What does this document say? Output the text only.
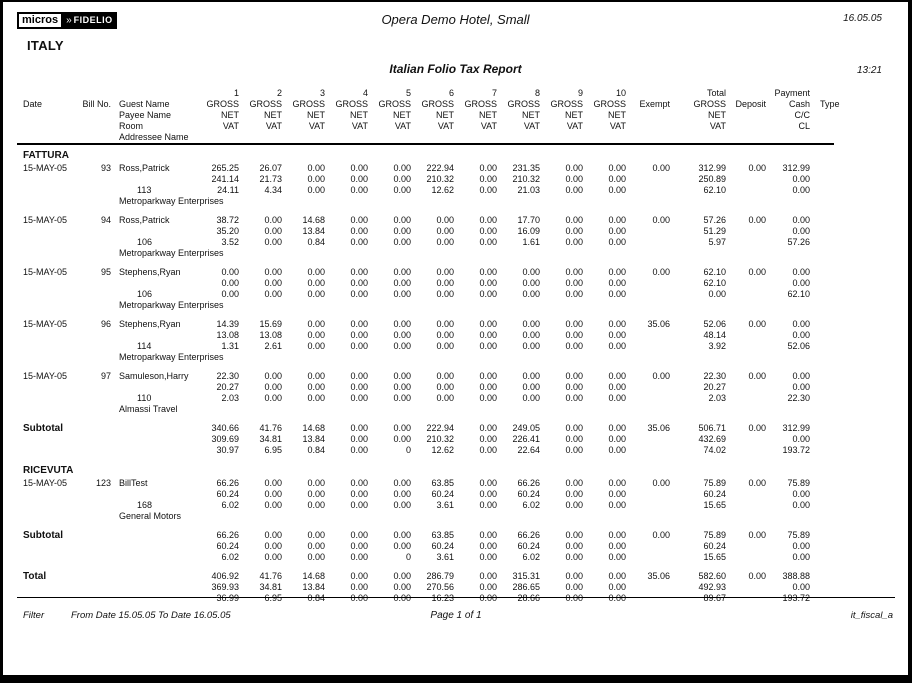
micros » FIDELIO	Opera Demo Hotel, Small	16.05.05
ITALY
Italian Folio Tax Report	13:21
			1	2	3	4	5	6	7	8	9	10		Total		Payment	
Date	Bill No.	Guest Name	GROSS	GROSS	GROSS	GROSS	GROSS	GROSS	GROSS	GROSS	GROSS	GROSS	Exempt	GROSS	Deposit	Cash	Type
		Payee Name	NET	NET	NET	NET	NET	NET	NET	NET	NET	NET		NET		C/C	
		Room	VAT	VAT	VAT	VAT	VAT	VAT	VAT	VAT	VAT	VAT		VAT		CL	
		Addressee Name															

FATTURA																	
15-MAY-05	93	Ross,Patrick	265.25	26.07	0.00	0.00	0.00	222.94	0.00	231.35	0.00	0.00	0.00	312.99	0.00	312.99	
			241.14	21.73	0.00	0.00	0.00	210.32	0.00	210.32	0.00	0.00		250.89		0.00	
		113	24.11	4.34	0.00	0.00	0.00	12.62	0.00	21.03	0.00	0.00		62.10		0.00	
		Metroparkway Enterprises															

15-MAY-05	94	Ross,Patrick	38.72	0.00	14.68	0.00	0.00	0.00	0.00	17.70	0.00	0.00	0.00	57.26	0.00	0.00	
			35.20	0.00	13.84	0.00	0.00	0.00	0.00	16.09	0.00	0.00		51.29		0.00	
		106	3.52	0.00	0.84	0.00	0.00	0.00	0.00	1.61	0.00	0.00		5.97		57.26	
		Metroparkway Enterprises															

15-MAY-05	95	Stephens,Ryan	0.00	0.00	0.00	0.00	0.00	0.00	0.00	0.00	0.00	0.00	0.00	62.10	0.00	0.00	
			0.00	0.00	0.00	0.00	0.00	0.00	0.00	0.00	0.00	0.00		62.10		0.00	
		106	0.00	0.00	0.00	0.00	0.00	0.00	0.00	0.00	0.00	0.00		0.00		62.10	
		Metroparkway Enterprises															

15-MAY-05	96	Stephens,Ryan	14.39	15.69	0.00	0.00	0.00	0.00	0.00	0.00	0.00	0.00	35.06	52.06	0.00	0.00	
			13.08	13.08	0.00	0.00	0.00	0.00	0.00	0.00	0.00	0.00		48.14		0.00	
		114	1.31	2.61	0.00	0.00	0.00	0.00	0.00	0.00	0.00	0.00		3.92		52.06	
		Metroparkway Enterprises															

15-MAY-05	97	Samuleson,Harry	22.30	0.00	0.00	0.00	0.00	0.00	0.00	0.00	0.00	0.00	0.00	22.30	0.00	0.00	
			20.27	0.00	0.00	0.00	0.00	0.00	0.00	0.00	0.00	0.00		20.27		0.00	
		110	2.03	0.00	0.00	0.00	0.00	0.00	0.00	0.00	0.00	0.00		2.03		22.30	
		Almassi Travel															

Subtotal			340.66	41.76	14.68	0.00	0.00	222.94	0.00	249.05	0.00	0.00	35.06	506.71	0.00	312.99	
			309.69	34.81	13.84	0.00	0.00	210.32	0.00	226.41	0.00	0.00		432.69		0.00	
			30.97	6.95	0.84	0.00	0	12.62	0.00	22.64	0.00	0.00		74.02		193.72	

RICEVUTA																	
15-MAY-05	123	BillTest	66.26	0.00	0.00	0.00	0.00	63.85	0.00	66.26	0.00	0.00	0.00	75.89	0.00	75.89	
			60.24	0.00	0.00	0.00	0.00	60.24	0.00	60.24	0.00	0.00		60.24		0.00	
		168	6.02	0.00	0.00	0.00	0.00	3.61	0.00	6.02	0.00	0.00		15.65		0.00	
		General Motors															

Subtotal			66.26	0.00	0.00	0.00	0.00	63.85	0.00	66.26	0.00	0.00	0.00	75.89	0.00	75.89	
			60.24	0.00	0.00	0.00	0.00	60.24	0.00	60.24	0.00	0.00		60.24		0.00	
			6.02	0.00	0.00	0.00	0	3.61	0.00	6.02	0.00	0.00		15.65		0.00	

Total			406.92	41.76	14.68	0.00	0.00	286.79	0.00	315.31	0.00	0.00	35.06	582.60	0.00	388.88	
			369.93	34.81	13.84	0.00	0.00	270.56	0.00	286.65	0.00	0.00		492.93		0.00	
			36.99	6.95	0.84	0.00	0.00	16.23	0.00	28.66	0.00	0.00		89.67		193.72	
Filter	From Date 15.05.05 To Date 16.05.05	Page 1 of 1	it_fiscal_a
